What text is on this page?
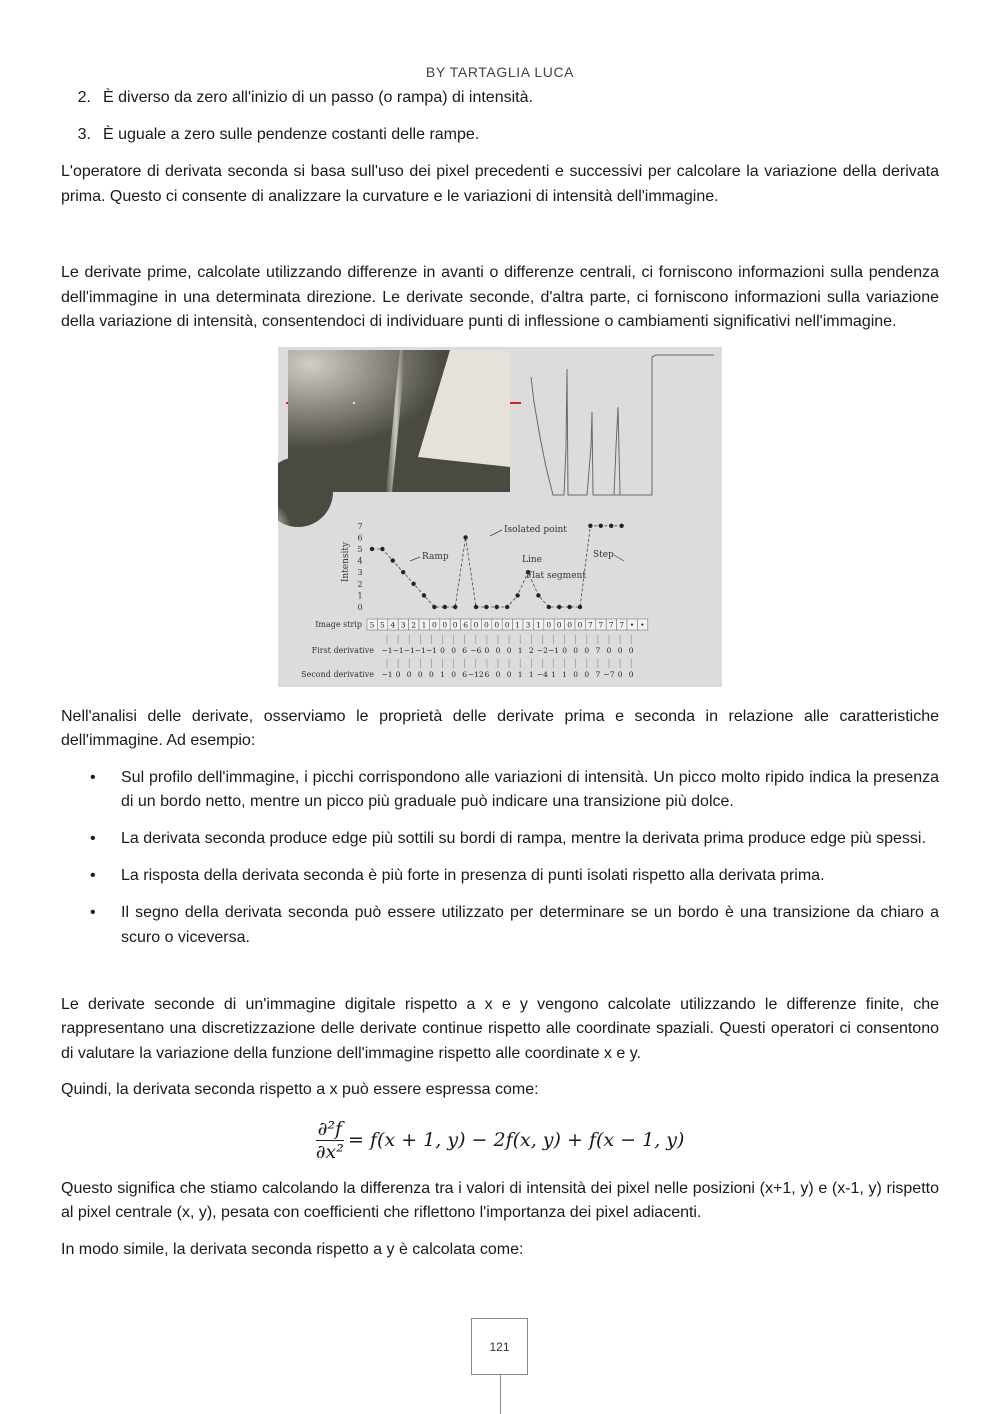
BY TARTAGLIA LUCA
2. È diverso da zero all'inizio di un passo (o rampa) di intensità.
3. È uguale a zero sulle pendenze costanti delle rampe.

L'operatore di derivata seconda si basa sull'uso dei pixel precedenti e successivi per calcolare la variazione della derivata prima. Questo ci consente di analizzare la curvature e le variazioni di intensità dell'immagine.

Le derivate prime, calcolate utilizzando differenze in avanti o differenze centrali, ci forniscono informazioni sulla pendenza dell'immagine in una determinata direzione. Le derivate seconde, d'altra parte, ci forniscono informazioni sulla variazione della variazione di intensità, consentendoci di individuare punti di inflessione o cambiamenti significativi nell'immagine.

Intensity
0
1
2
3
4
5
6
7	Isolated point
Ramp	Line
Flat segment
Step
Image strip 5 5 4 3 2 1 0 0 0 6 0 0 0 0 1 3 1 0 0 0 0 7 7 7 7 • •
First derivative −1 −1 −1 −1 −1 0 0 6 −6 0 0 0 1 2 −2 −1 0 0 0 7 0 0 0
Second derivative −1 0 0 0 0 1 0 6 −12 6 0 0 1 1 −4 1 1 0 0 7 −7 0 0

Nell'analisi delle derivate, osserviamo le proprietà delle derivate prima e seconda in relazione alle caratteristiche dell'immagine. Ad esempio:

•	Sul profilo dell'immagine, i picchi corrispondono alle variazioni di intensità. Un picco molto ripido indica la presenza di un bordo netto, mentre un picco più graduale può indicare una transizione più dolce.
•	La derivata seconda produce edge più sottili su bordi di rampa, mentre la derivata prima produce edge più spessi.
•	La risposta della derivata seconda è più forte in presenza di punti isolati rispetto alla derivata prima.
•	Il segno della derivata seconda può essere utilizzato per determinare se un bordo è una transizione da chiaro a scuro o viceversa.

Le derivate seconde di un'immagine digitale rispetto a x e y vengono calcolate utilizzando le differenze finite, che rappresentano una discretizzazione delle derivate continue rispetto alle coordinate spaziali. Questi operatori ci consentono di valutare la variazione della funzione dell'immagine rispetto alle coordinate x e y.

Quindi, la derivata seconda rispetto a x può essere espressa come:

$\frac{\text{∂²f}}{\text{∂x²}} = f(x + 1$, y) − 2f(x, y) + f(x − 1, y)

Questo significa che stiamo calcolando la differenza tra i valori di intensità dei pixel nelle posizioni (x+1, y) e (x-1, y) rispetto al pixel centrale (x, y), pesata con coefficienti che riflettono l'importanza dei pixel adiacenti.

In modo simile, la derivata seconda rispetto a y è calcolata come:

121
